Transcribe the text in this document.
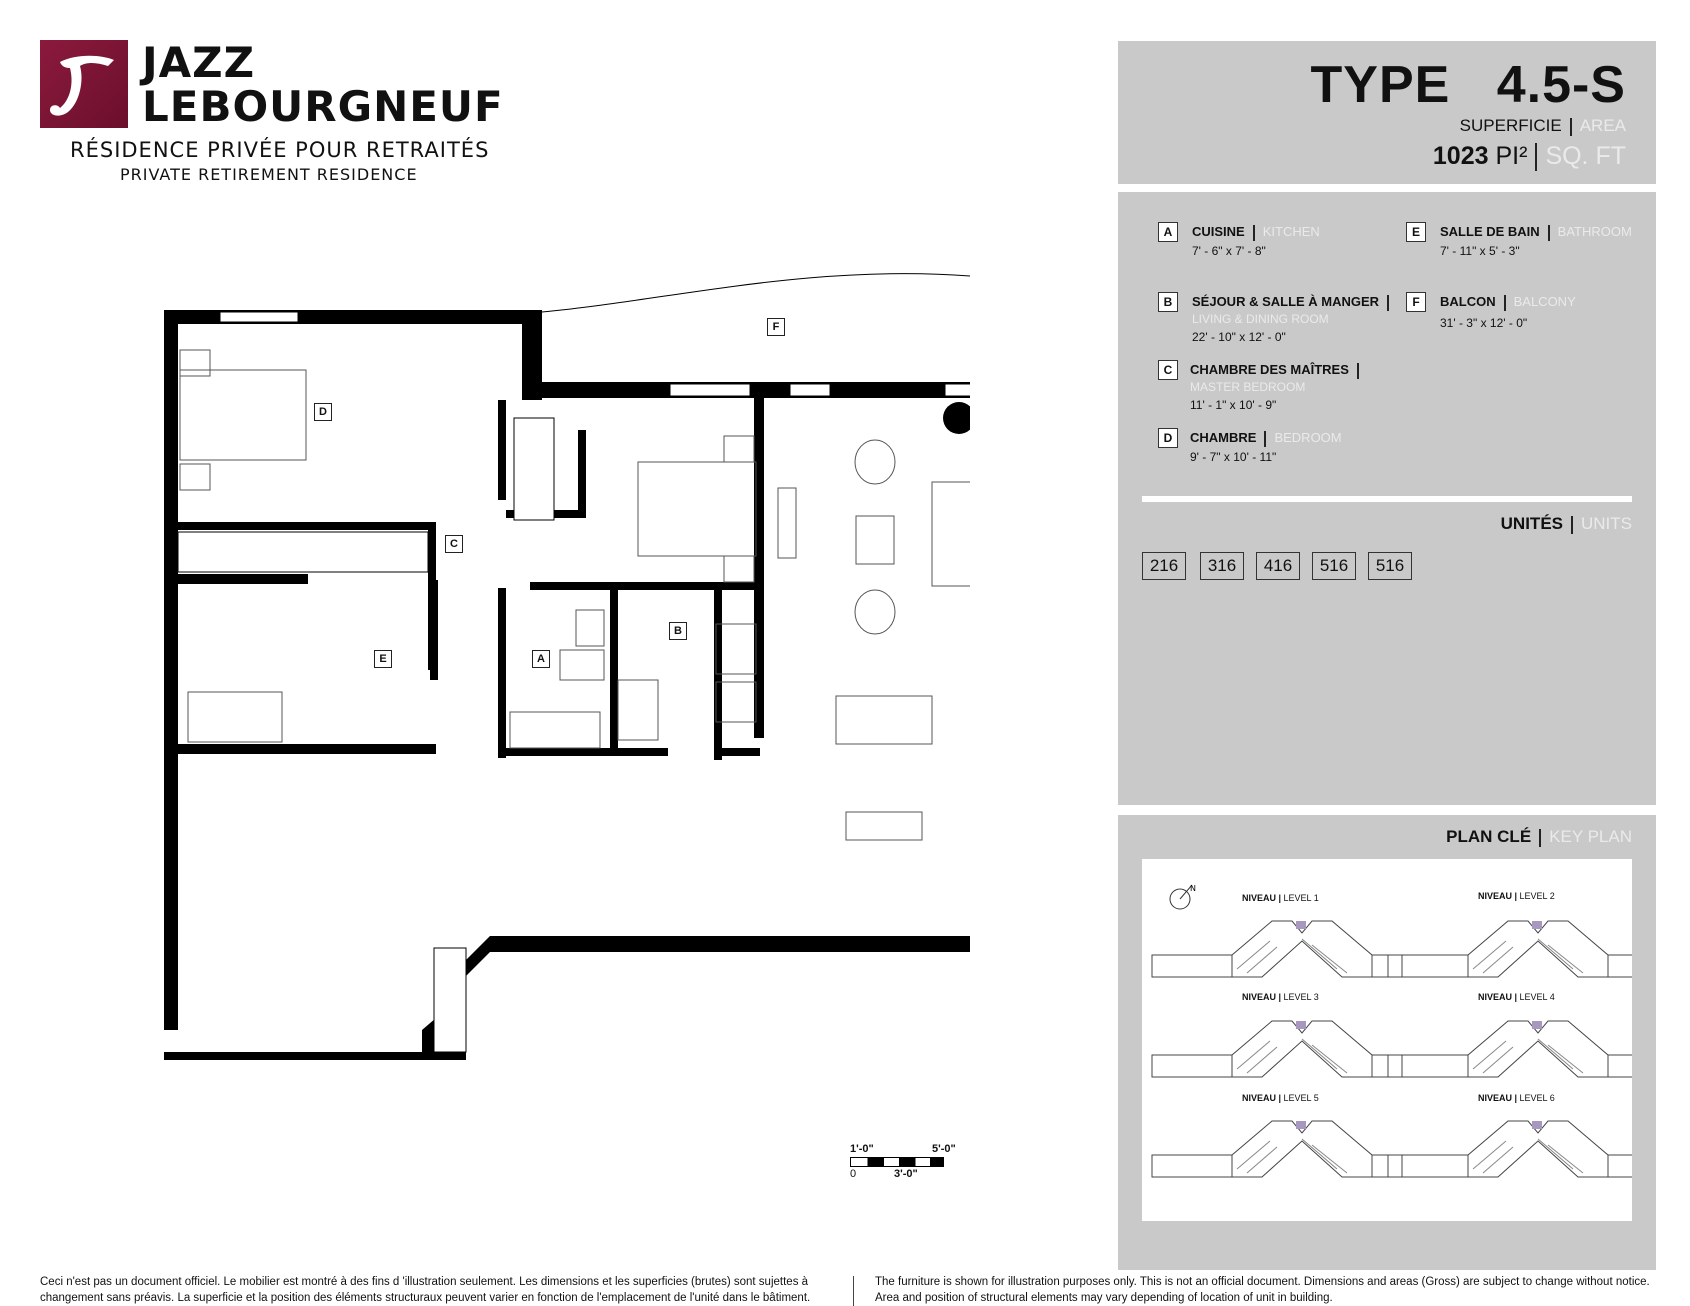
JAZZ
LEBOURGNEUF
RÉSIDENCE PRIVÉE POUR RETRAITÉS
PRIVATE RETIREMENT RESIDENCE
A
B
C
D
E
F
1'-0"	5'-0"
0	3'-0"
TYPE   4.5-S
SUPERFICIE AREA
1023 PI² SQ. FT
A	CUISINE KITCHEN
7' - 6" x 7' - 8"
B	SÉJOUR & SALLE À MANGER
LIVING & DINING ROOM
22' - 10" x 12' - 0"
C	CHAMBRE DES MAÎTRES
MASTER BEDROOM
11' - 1" x 10' - 9"
D	CHAMBRE BEDROOM
9' - 7" x 10' - 11"
E	SALLE DE BAIN BATHROOM
7' - 11" x 5' - 3"
F	BALCON BALCONY
31' - 3" x 12' - 0"
UNITÉS UNITS
216	316	416	516	516
PLAN CLÉ KEY PLAN
N
NIVEAU | LEVEL 1	NIVEAU | LEVEL 2
NIVEAU | LEVEL 3	NIVEAU | LEVEL 4
NIVEAU | LEVEL 5	NIVEAU | LEVEL 6
Ceci n'est pas un document officiel. Le mobilier est montré à des fins d 'illustration seulement. Les dimensions et les superficies (brutes) sont sujettes à changement sans préavis. La superficie et la position des éléments structuraux peuvent varier en fonction de l'emplacement de l'unité dans le bâtiment.
The furniture is shown for illustration purposes only. This is not an official document. Dimensions and areas (Gross) are subject to change without notice. Area and position of structural elements may vary depending of location of unit in building.
